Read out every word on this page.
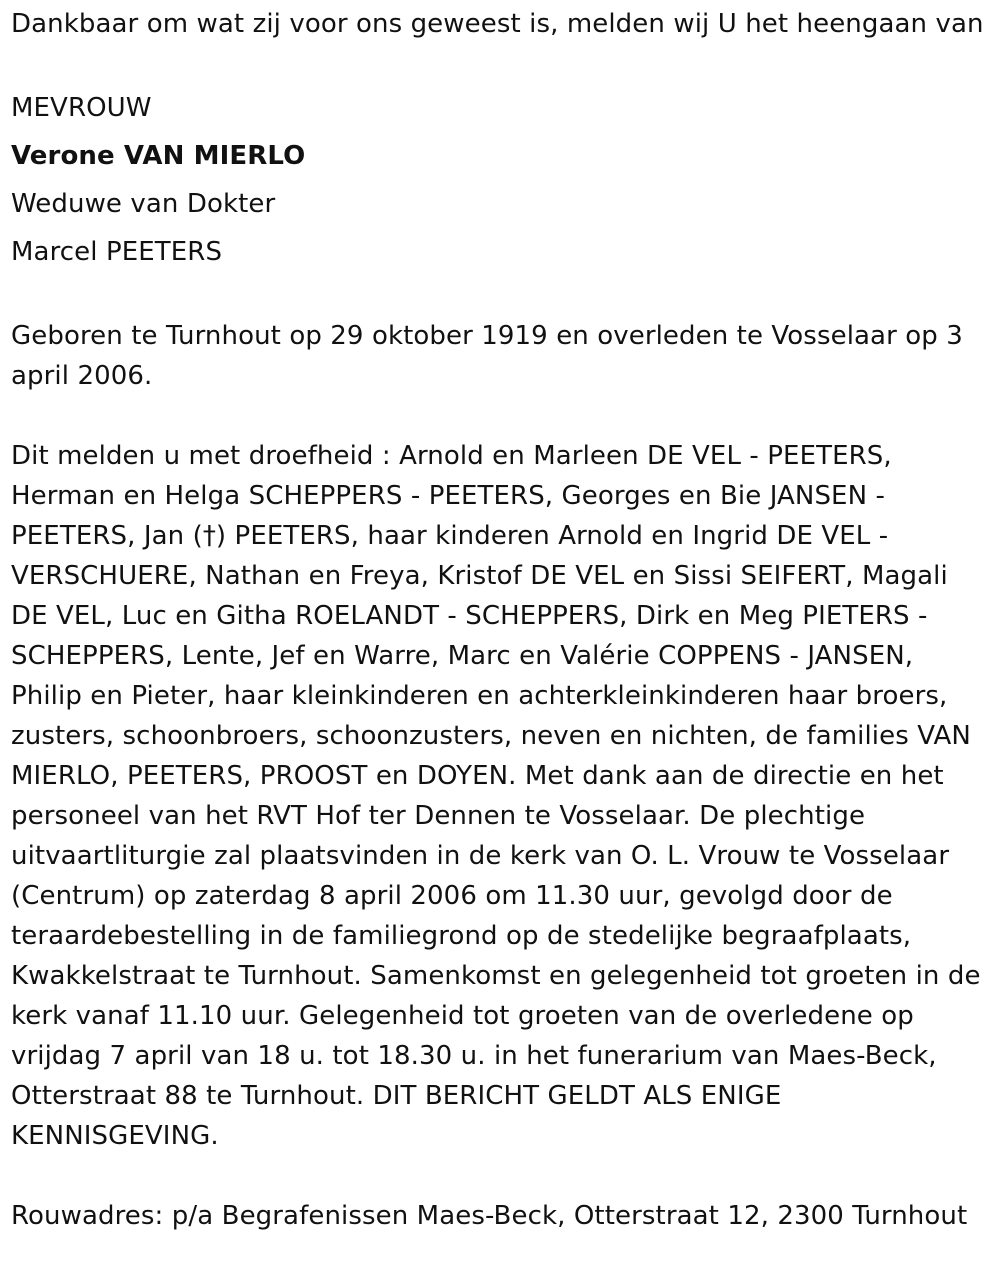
Dankbaar om wat zij voor ons geweest is, melden wij U het heengaan van

MEVROUW

Verone VAN MIERLO

Weduwe van Dokter

Marcel PEETERS

Geboren te Turnhout op 29 oktober 1919 en overleden te Vosselaar op 3 april 2006.

Dit melden u met droefheid : Arnold en Marleen DE VEL - PEETERS, Herman en Helga SCHEPPERS - PEETERS, Georges en Bie JANSEN - PEETERS, Jan (†) PEETERS, haar kinderen Arnold en Ingrid DE VEL - VERSCHUERE, Nathan en Freya, Kristof DE VEL en Sissi SEIFERT, Magali DE VEL, Luc en Githa ROELANDT - SCHEPPERS, Dirk en Meg PIETERS - SCHEPPERS, Lente, Jef en Warre, Marc en Valérie COPPENS - JANSEN, Philip en Pieter, haar kleinkinderen en achterkleinkinderen haar broers, zusters, schoonbroers, schoonzusters, neven en nichten, de families VAN MIERLO, PEETERS, PROOST en DOYEN. Met dank aan de directie en het personeel van het RVT Hof ter Dennen te Vosselaar. De plechtige uitvaartliturgie zal plaatsvinden in de kerk van O. L. Vrouw te Vosselaar (Centrum) op zaterdag 8 april 2006 om 11.30 uur, gevolgd door de teraardebestelling in de familiegrond op de stedelijke begraafplaats, Kwakkelstraat te Turnhout. Samenkomst en gelegenheid tot groeten in de kerk vanaf 11.10 uur. Gelegenheid tot groeten van de overledene op vrijdag 7 april van 18 u. tot 18.30 u. in het funerarium van Maes-Beck, Otterstraat 88 te Turnhout. DIT BERICHT GELDT ALS ENIGE KENNISGEVING.

Rouwadres: p/a Begrafenissen Maes-Beck, Otterstraat 12, 2300 Turnhout
